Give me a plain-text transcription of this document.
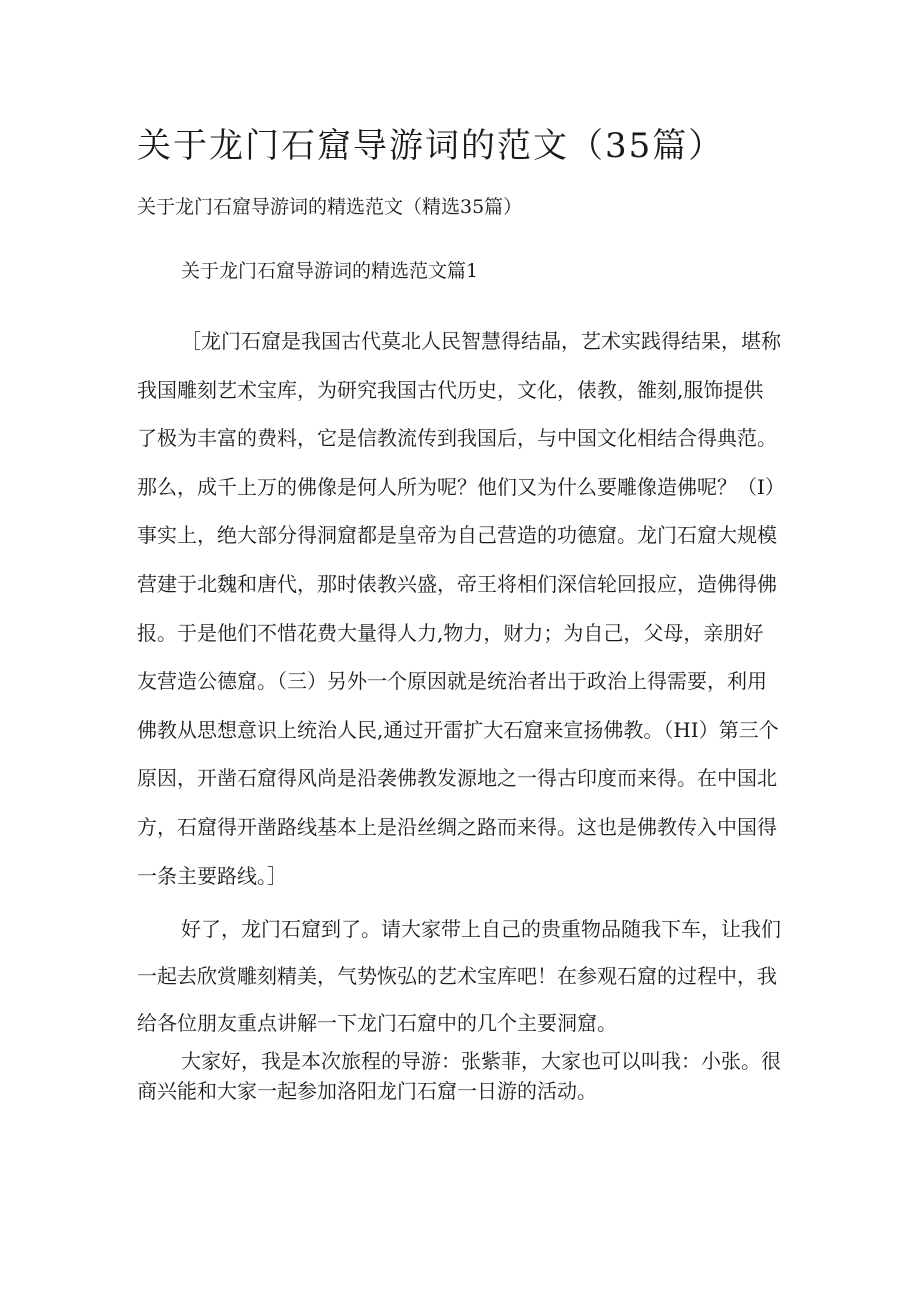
关于龙门石窟导游词的范文（35篇）

关于龙门石窟导游词的精选范文（精选35篇）

关于龙门石窟导游词的精选范文篇1

［龙门石窟是我国古代莫北人民智慧得结晶，艺术实践得结果，堪称
我国雕刻艺术宝库，为研究我国古代历史，文化，俵教，雒刻,服饰提供
了极为丰富的费料，它是信教流传到我国后，与中国文化相结合得典范。
那么，成千上万的佛像是何人所为呢？他们又为什么要雕像造佛呢？（I）
事实上，绝大部分得洞窟都是皇帝为自己营造的功德窟。龙门石窟大规模
营建于北魏和唐代，那时俵教兴盛，帝王将相们深信轮回报应，造佛得佛
报。于是他们不惜花费大量得人力,物力，财力；为自己，父母，亲朋好
友营造公德窟。（三）另外一个原因就是统治者出于政治上得需要，利用
佛教从思想意识上统治人民,通过开雷扩大石窟来宣扬佛教。（HI）第三个
原因，开凿石窟得风尚是沿袭佛教发源地之一得古印度而来得。在中国北
方，石窟得开凿路线基本上是沿丝绸之路而来得。这也是佛教传入中国得
一条主要路线。］

好了，龙门石窟到了。请大家带上自己的贵重物品随我下车，让我们
一起去欣赏雕刻精美，气势恢弘的艺术宝库吧！在参观石窟的过程中，我
给各位朋友重点讲解一下龙门石窟中的几个主要洞窟。

大家好，我是本次旅程的导游：张紫菲，大家也可以叫我：小张。很
商兴能和大家一起参加洛阳龙门石窟一日游的活动。
